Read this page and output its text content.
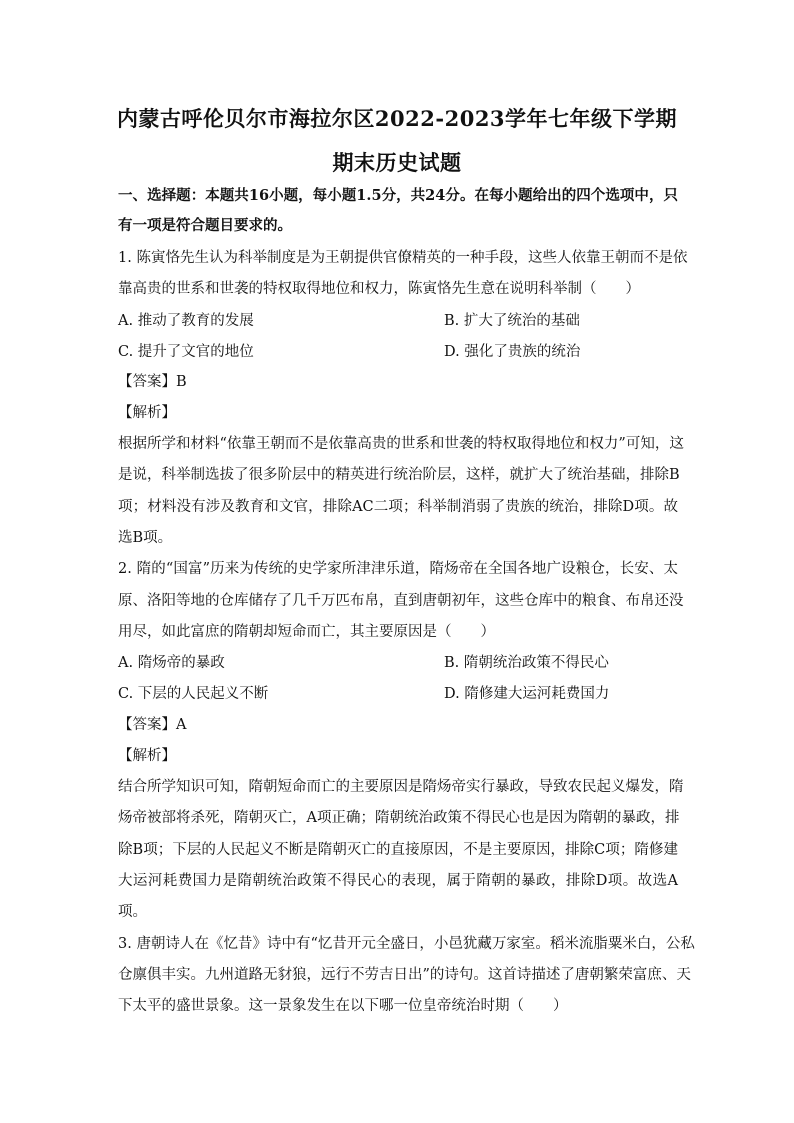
内蒙古呼伦贝尔市海拉尔区2022-2023学年七年级下学期
期末历史试题
一、选择题：本题共16小题，每小题1.5分，共24分。在每小题给出的四个选项中，只
有一项是符合题目要求的。
1. 陈寅恪先生认为科举制度是为王朝提供官僚精英的一种手段，这些人依靠王朝而不是依
靠高贵的世系和世袭的特权取得地位和权力，陈寅恪先生意在说明科举制（　　）
A. 推动了教育的发展	B. 扩大了统治的基础
C. 提升了文官的地位	D. 强化了贵族的统治
【答案】B
【解析】
根据所学和材料“依靠王朝而不是依靠高贵的世系和世袭的特权取得地位和权力”可知，这
是说，科举制选拔了很多阶层中的精英进行统治阶层，这样，就扩大了统治基础，排除B
项；材料没有涉及教育和文官，排除AC二项；科举制消弱了贵族的统治，排除D项。故
选B项。
2. 隋的“国富”历来为传统的史学家所津津乐道，隋炀帝在全国各地广设粮仓，长安、太
原、洛阳等地的仓库储存了几千万匹布帛，直到唐朝初年，这些仓库中的粮食、布帛还没
用尽，如此富庶的隋朝却短命而亡，其主要原因是（　　）
A. 隋炀帝的暴政	B. 隋朝统治政策不得民心
C. 下层的人民起义不断	D. 隋修建大运河耗费国力
【答案】A
【解析】
结合所学知识可知，隋朝短命而亡的主要原因是隋炀帝实行暴政，导致农民起义爆发，隋
炀帝被部将杀死，隋朝灭亡，A项正确；隋朝统治政策不得民心也是因为隋朝的暴政，排
除B项；下层的人民起义不断是隋朝灭亡的直接原因，不是主要原因，排除C项；隋修建
大运河耗费国力是隋朝统治政策不得民心的表现，属于隋朝的暴政，排除D项。故选A
项。
3. 唐朝诗人在《忆昔》诗中有“忆昔开元全盛日，小邑犹藏万家室。稻米流脂粟米白，公私
仓廪俱丰实。九州道路无豺狼，远行不劳吉日出”的诗句。这首诗描述了唐朝繁荣富庶、天
下太平的盛世景象。这一景象发生在以下哪一位皇帝统治时期（　　）
